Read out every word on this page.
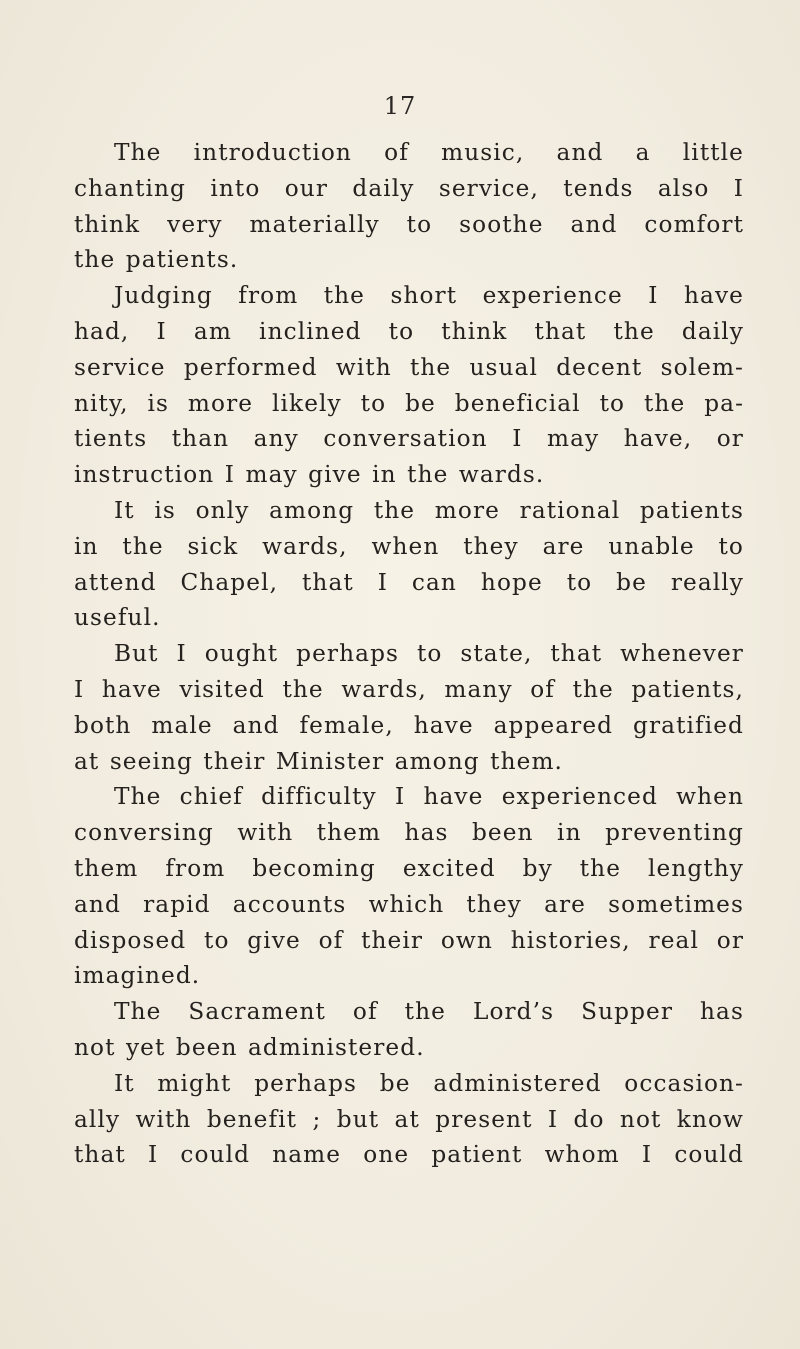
17
The introduction of music, and a little
chanting into our daily service, tends also I
think very materially to soothe and comfort
the patients.
Judging from the short experience I have
had, I am inclined to think that the daily
service performed with the usual decent solem-
nity, is more likely to be beneficial to the pa-
tients than any conversation I may have, or
instruction I may give in the wards.
It is only among the more rational patients
in the sick wards, when they are unable to
attend Chapel, that I can hope to be really
useful.
But I ought perhaps to state, that whenever
I have visited the wards, many of the patients,
both male and female, have appeared gratified
at seeing their Minister among them.
The chief difficulty I have experienced when
conversing with them has been in preventing
them from becoming excited by the lengthy
and rapid accounts which they are sometimes
disposed to give of their own histories, real or
imagined.
The Sacrament of the Lord’s Supper has
not yet been administered.
It might perhaps be administered occasion-
ally with benefit ; but at present I do not know
that I could name one patient whom I could
